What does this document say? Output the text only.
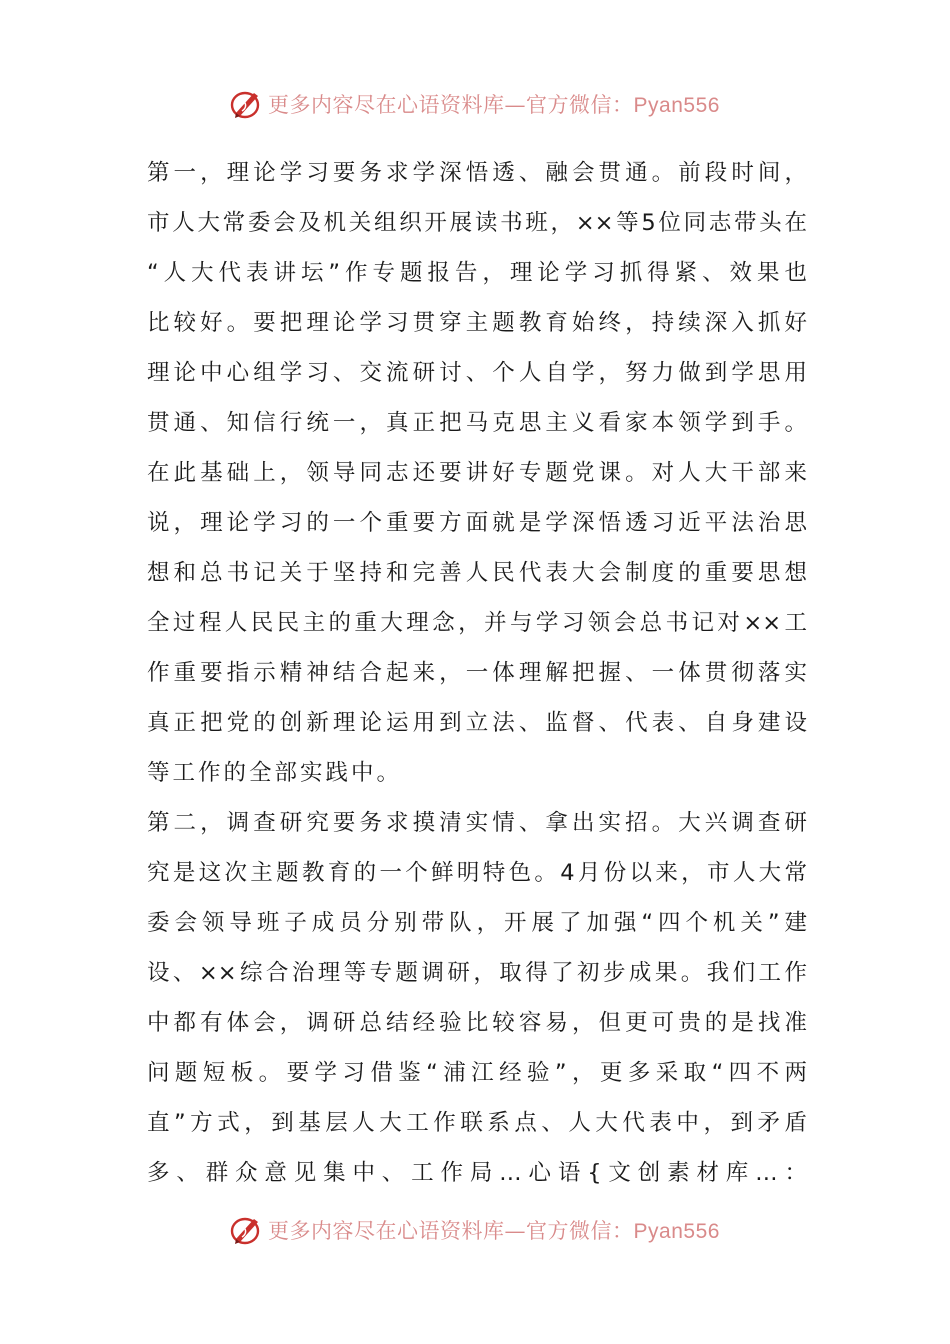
更多内容尽在心语资料库—官方微信：Pyan556
第一，理论学习要务求学深悟透、融会贯通。前段时间，
市人大常委会及机关组织开展读书班，××等5位同志带头在
“人大代表讲坛”作专题报告，理论学习抓得紧、效果也
比较好。要把理论学习贯穿主题教育始终，持续深入抓好
理论中心组学习、交流研讨、个人自学，努力做到学思用
贯通、知信行统一，真正把马克思主义看家本领学到手。
在此基础上，领导同志还要讲好专题党课。对人大干部来
说，理论学习的一个重要方面就是学深悟透习近平法治思
想和总书记关于坚持和完善人民代表大会制度的重要思想
全过程人民民主的重大理念，并与学习领会总书记对××工
作重要指示精神结合起来，一体理解把握、一体贯彻落实
真正把党的创新理论运用到立法、监督、代表、自身建设
等工作的全部实践中。
第二，调查研究要务求摸清实情、拿出实招。大兴调查研
究是这次主题教育的一个鲜明特色。4月份以来，市人大常
委会领导班子成员分别带队，开展了加强“四个机关”建
设、××综合治理等专题调研，取得了初步成果。我们工作
中都有体会，调研总结经验比较容易，但更可贵的是找准
问题短板。要学习借鉴“浦江经验”，更多采取“四不两
直”方式，到基层人大工作联系点、人大代表中，到矛盾
多、群众意见集中、工作局…心语{文创素材库…：
更多内容尽在心语资料库—官方微信：Pyan556
